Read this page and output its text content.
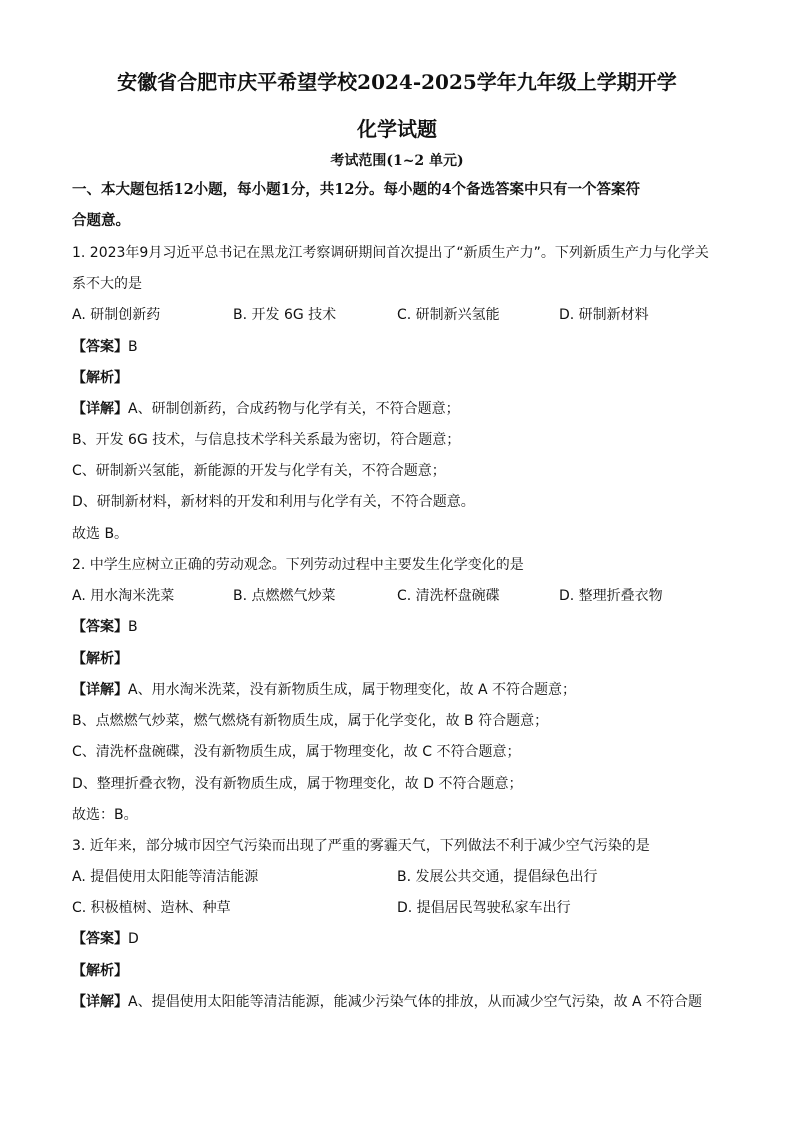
安徽省合肥市庆平希望学校2024-2025学年九年级上学期开学
化学试题
考试范围(1~2 单元)
一、本大题包括12小题，每小题1分，共12分。每小题的4个备选答案中只有一个答案符
合题意。
1. 2023年9月习近平总书记在黑龙江考察调研期间首次提出了“新质生产力”。下列新质生产力与化学关
系不大的是
A. 研制创新药	B. 开发 6G 技术	C. 研制新兴氢能	D. 研制新材料
【答案】B
【解析】
【详解】A、研制创新药，合成药物与化学有关，不符合题意；
B、开发 6G 技术，与信息技术学科关系最为密切，符合题意；
C、研制新兴氢能，新能源的开发与化学有关，不符合题意；
D、研制新材料，新材料的开发和利用与化学有关，不符合题意。
故选 B。
2. 中学生应树立正确的劳动观念。下列劳动过程中主要发生化学变化的是
A. 用水淘米洗菜	B. 点燃燃气炒菜	C. 清洗杯盘碗碟	D. 整理折叠衣物
【答案】B
【解析】
【详解】A、用水淘米洗菜，没有新物质生成，属于物理变化，故 A 不符合题意；
B、点燃燃气炒菜，燃气燃烧有新物质生成，属于化学变化，故 B 符合题意；
C、清洗杯盘碗碟，没有新物质生成，属于物理变化，故 C 不符合题意；
D、整理折叠衣物，没有新物质生成，属于物理变化，故 D 不符合题意；
故选：B。
3. 近年来，部分城市因空气污染而出现了严重的雾霾天气，下列做法不利于减少空气污染的是
A. 提倡使用太阳能等清洁能源	B. 发展公共交通，提倡绿色出行
C. 积极植树、造林、种草	D. 提倡居民驾驶私家车出行
【答案】D
【解析】
【详解】A、提倡使用太阳能等清洁能源，能减少污染气体的排放，从而减少空气污染，故 A 不符合题
